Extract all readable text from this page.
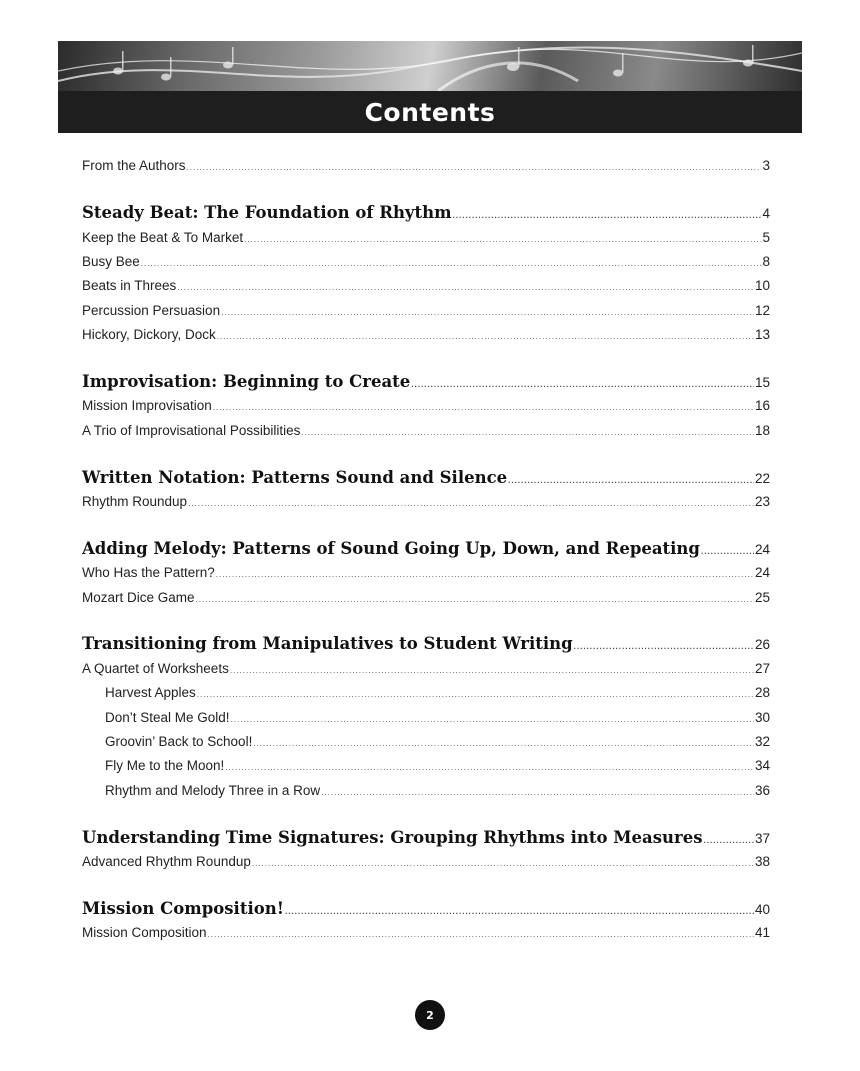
Contents
From the Authors .....	3
Steady Beat: The Foundation of Rhythm .....	4
Keep the Beat & To Market .....	5
Busy Bee .....	8
Beats in Threes .....	10
Percussion Persuasion .....	12
Hickory, Dickory, Dock .....	13
Improvisation: Beginning to Create .....	15
Mission Improvisation .....	16
A Trio of Improvisational Possibilities .....	18
Written Notation: Patterns Sound and Silence .....	22
Rhythm Roundup .....	23
Adding Melody: Patterns of Sound Going Up, Down, and Repeating .....	24
Who Has the Pattern? .....	24
Mozart Dice Game .....	25
Transitioning from Manipulatives to Student Writing .....	26
A Quartet of Worksheets .....	27
Harvest Apples .....	28
Don’t Steal Me Gold! .....	30
Groovin’ Back to School! .....	32
Fly Me to the Moon! .....	34
Rhythm and Melody Three in a Row .....	36
Understanding Time Signatures: Grouping Rhythms into Measures .....	37
Advanced Rhythm Roundup .....	38
Mission Composition! .....	40
Mission Composition .....	41
2
